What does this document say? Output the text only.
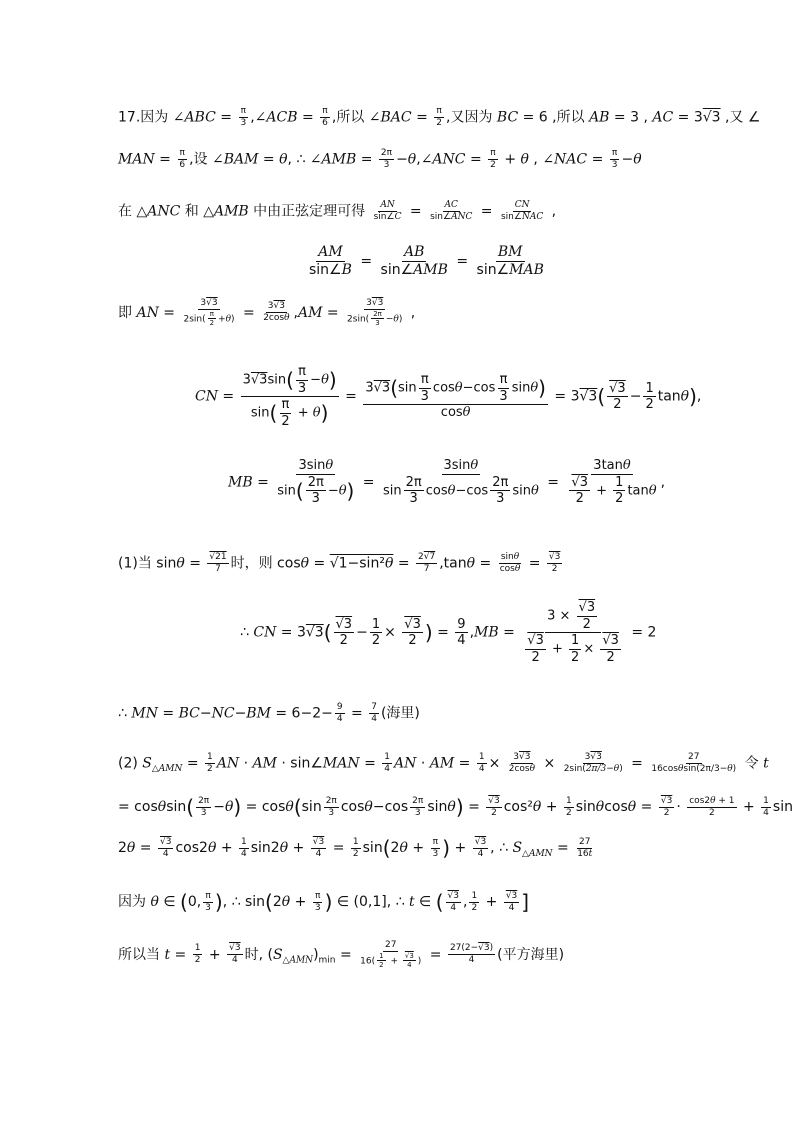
17.因为 ∠ABC = $\frac{\pi}{3}$ ,∠ACB = $\frac{\pi}{6}$ ,所以 ∠BAC = $\frac{\pi}{2}$ ,又因为 BC = 6 ,所以 AB = 3 , AC = 3√3 ,又 ∠
MAN = $\frac{\pi}{6}$ ,设 ∠BAM = θ, ∴ ∠AMB = $\frac{2\pi}{3}$ −θ,∠ANC = $\frac{\pi}{2} + \theta$ , ∠NAC = $\frac{\pi}{3} -\theta$
在 △ANC 和 △AMB 中由正弦定理可得 $\frac{AN}{\sin\angle C} = \frac{AC}{\text{sin∠ANC}} = \frac{CN}{\text{sin∠NAC}}$ ,
$\frac{AM}{\sin\angle B} = \frac{AB}{\text{sin∠AMB}} = \frac{BM}{\text{sin∠MAB}}$
即 AN = $\frac{3√3}{2\sin( \frac{\pi}{2} +\theta)} = \frac{3√3}{2\cos\theta} ,AM = \frac{3√3}{2\sin( \frac{2\pi}{3} -\theta)}$ ,
CN = $\frac{3√3\sin( \frac{\pi}{3} -\theta)}{\sin( \frac{\pi}{2} + \theta)} = \frac{3√3(\sin \frac{\pi}{3} \cos\theta-\cos \frac{\pi}{3} \sin\theta)}{\cos\theta} = 3√3( \frac{√3}{2} - \frac{1}{2} \tan\theta)$,
MB = $\frac{3\sin\theta}{\sin( \frac{2\pi}{3} -\theta)} = \frac{3\sin\theta}{\sin \frac{2\pi}{3} \cos\theta-\cos \frac{2\pi}{3} \sin\theta} = \frac{3\tan\theta}{\frac{√3}{2} + \frac{1}{2} \tan\theta}$ ,
(1)当 $\sin\theta = \frac{√21}{7}$ 时，则 $\cos\theta = √1-\sin^2\theta = \frac{2√7}{7} ,\tan\theta = \frac{\sin\theta}{\cos\theta} = \frac{√3}{2}$
∴ CN = $3√3( \frac{√3}{2} - \frac{1}{2} \times \frac{√3}{2}$ ) = $\frac{9}{4} ,MB = \frac{3 \times \frac{√3}{2}}{\frac{√3}{2} + \frac{1}{2} \times \frac{√3}{2}} = 2$
∴ MN = $BC-NC-BM = 6-2- \frac{9}{4} = \frac{7}{4}$ (海里)
(2) $S_{\triangle AMN} = \frac{1}{2}$ AN · AM · sin∠MAN = $\frac{1}{4}$ AN · AM = $\frac{1}{4} \times \frac{3√3}{2\cos\theta} \times \frac{3√3}{2\sin(2\pi/3-\theta)} = \frac{27}{16\cos\theta\sin(2\pi/3-\theta)}$ 令 t
= $\cos\theta\sin( \frac{2\pi}{3} -\theta) = \cos\theta(\sin \frac{2\pi}{3} \cos\theta-\cos \frac{2\pi}{3} \sin\theta) = \frac{√3}{2} \cos^2\theta + \frac{1}{2}$ $\sin\theta\cos\theta = \frac{√3}{2} \cdot \frac{\cos 2\theta + 1}{2} + \frac{1}{4}$ sin
$2\theta = \frac{√3}{4} \cos 2\theta + \frac{1}{4} \sin 2\theta + \frac{√3}{4} = \frac{1}{2} \sin(2\theta + \frac{\pi}{3}$ ) + $\frac{√3}{4}$ , ∴ $S_{\triangle AMN} = \frac{27}{16t}$
因为 θ ∈ (0, $\frac{\pi}{3}$ ), ∴ $\sin(2\theta + \frac{\pi}{3}$ ) ∈ (0,1], ∴ t ∈ ( $\frac{√3}{4}$ , $\frac{1}{2} + \frac{√3}{4}$ ]
所以当 $t = \frac{1}{2} + \frac{√3}{4}$ 时, $(S_{\triangle AMN})_{min} = \frac{27}{16( \frac{1}{2} + \frac{√3}{4} )} = \frac{27(2-√3)}{4}$ (平方海里)
